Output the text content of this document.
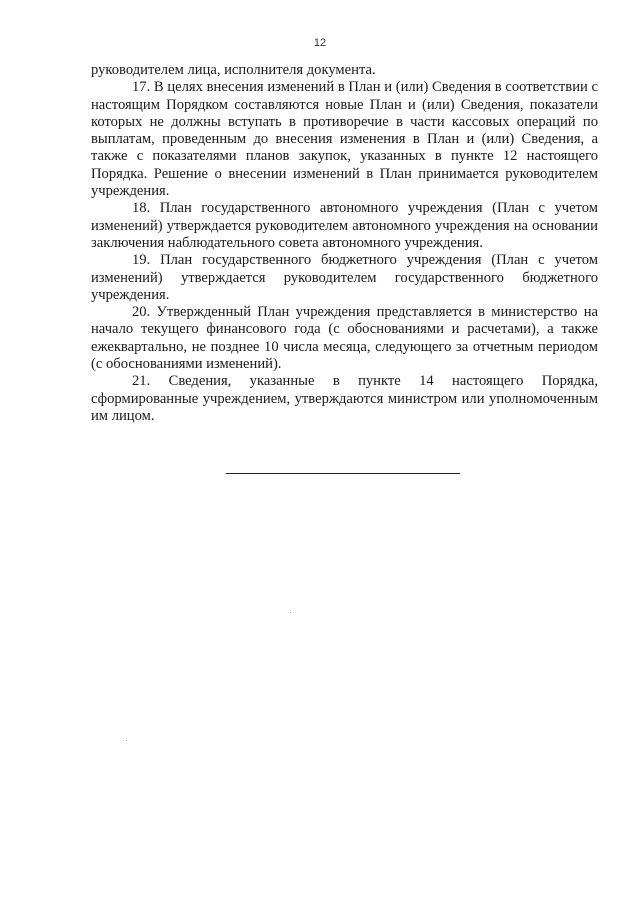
12

руководителем лица, исполнителя документа.

17. В целях внесения изменений в План и (или) Сведения в соответствии с настоящим Порядком составляются новые План и (или) Сведения, показатели которых не должны вступать в противоречие в части кассовых операций по выплатам, проведенным до внесения изменения в План и (или) Сведения, а также с показателями планов закупок, указанных в пункте 12 настоящего Порядка. Решение о внесении изменений в План принимается руководителем учреждения.

18. План государственного автономного учреждения (План с учетом изменений) утверждается руководителем автономного учреждения на основании заключения наблюдательного совета автономного учреждения.

19. План государственного бюджетного учреждения (План с учетом изменений) утверждается руководителем государственного бюджетного учреждения.

20. Утвержденный План учреждения представляется в министерство на начало текущего финансового года (с обоснованиями и расчетами), а также ежеквартально, не позднее 10 числа месяца, следующего за отчетным периодом (с обоснованиями изменений).

21. Сведения, указанные в пункте 14 настоящего Порядка, сформированные учреждением, утверждаются министром или уполномоченным им лицом.
